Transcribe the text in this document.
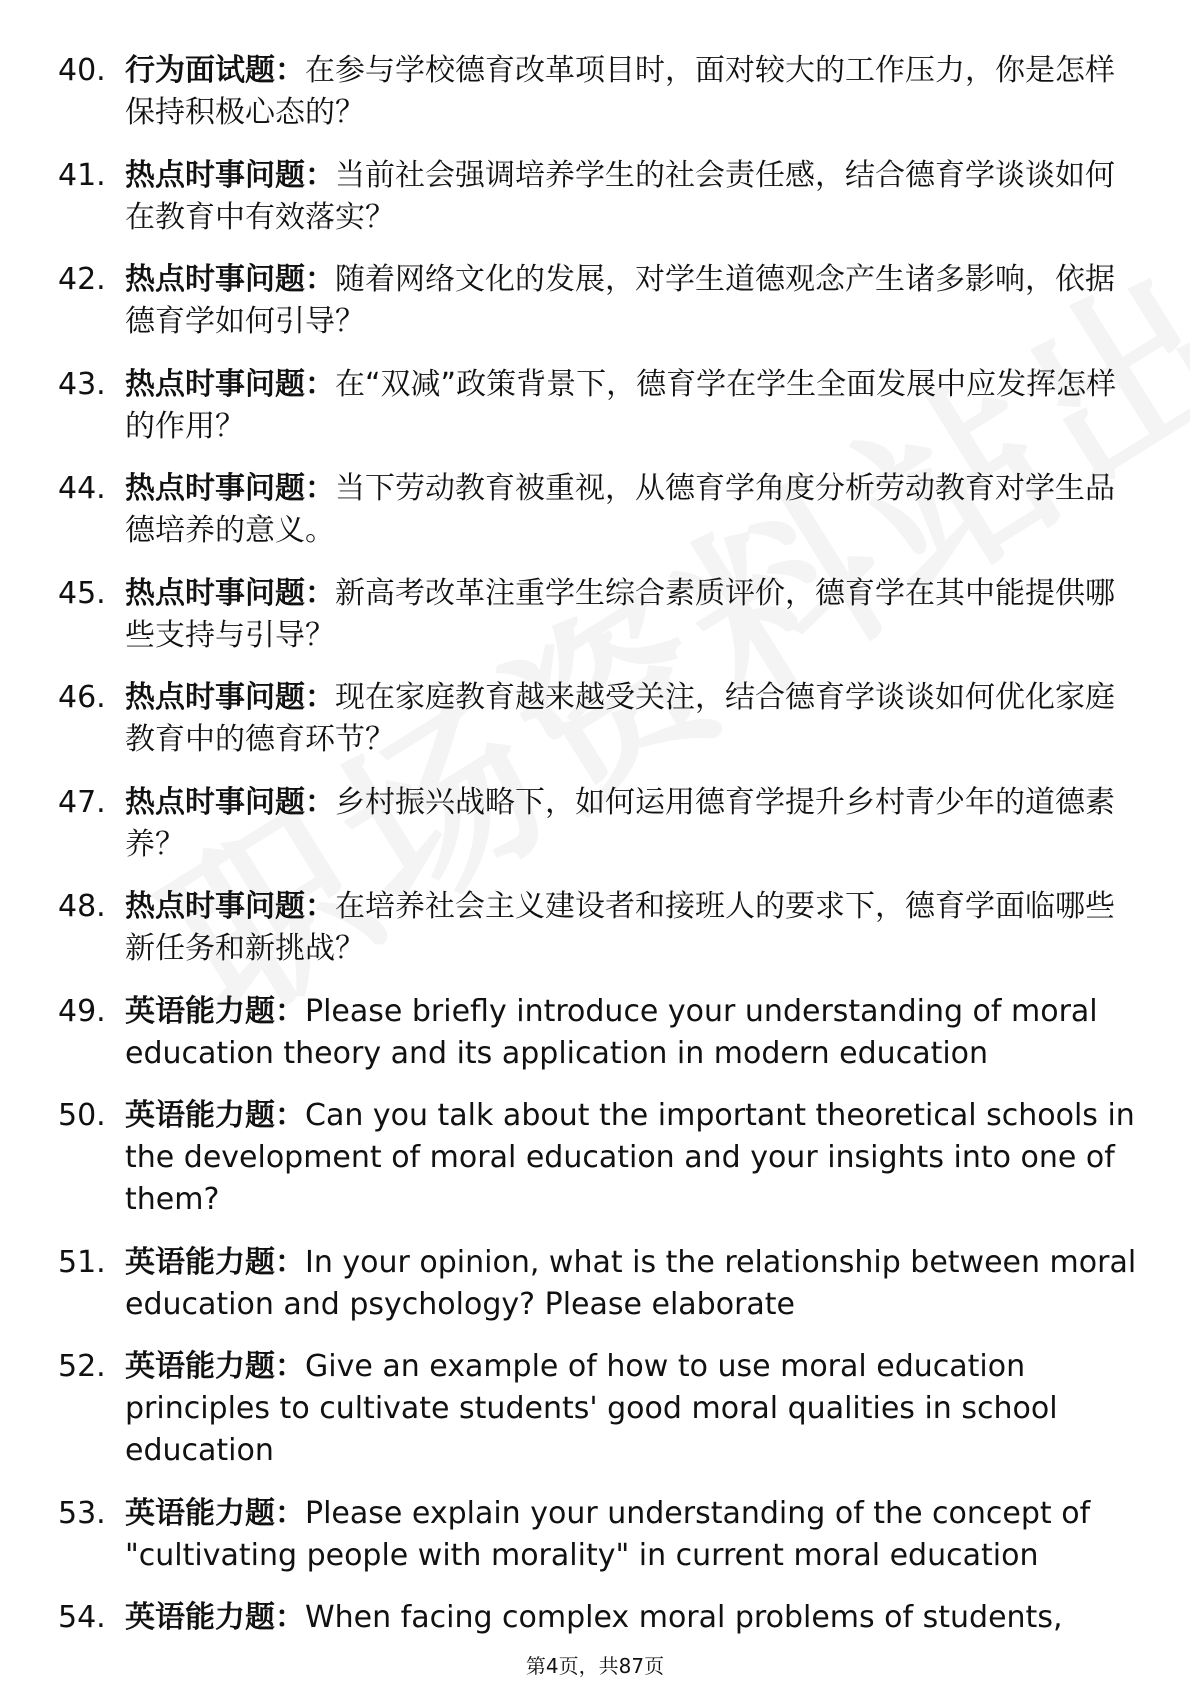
40. 行为面试题：在参与学校德育改革项目时，面对较大的工作压力，你是怎样保持积极心态的？
41. 热点时事问题：当前社会强调培养学生的社会责任感，结合德育学谈谈如何在教育中有效落实？
42. 热点时事问题：随着网络文化的发展，对学生道德观念产生诸多影响，依据德育学如何引导？
43. 热点时事问题：在“双减”政策背景下，德育学在学生全面发展中应发挥怎样的作用？
44. 热点时事问题：当下劳动教育被重视，从德育学角度分析劳动教育对学生品德培养的意义。
45. 热点时事问题：新高考改革注重学生综合素质评价，德育学在其中能提供哪些支持与引导？
46. 热点时事问题：现在家庭教育越来越受关注，结合德育学谈谈如何优化家庭教育中的德育环节？
47. 热点时事问题：乡村振兴战略下，如何运用德育学提升乡村青少年的道德素养？
48. 热点时事问题：在培养社会主义建设者和接班人的要求下，德育学面临哪些新任务和新挑战？
49. 英语能力题：Please briefly introduce your understanding of moral education theory and its application in modern education
50. 英语能力题：Can you talk about the important theoretical schools in the development of moral education and your insights into one of them?
51. 英语能力题：In your opinion, what is the relationship between moral education and psychology? Please elaborate
52. 英语能力题：Give an example of how to use moral education principles to cultivate students' good moral qualities in school education
53. 英语能力题：Please explain your understanding of the concept of "cultivating people with morality" in current moral education
54. 英语能力题：When facing complex moral problems of students,
第4页，共87页
